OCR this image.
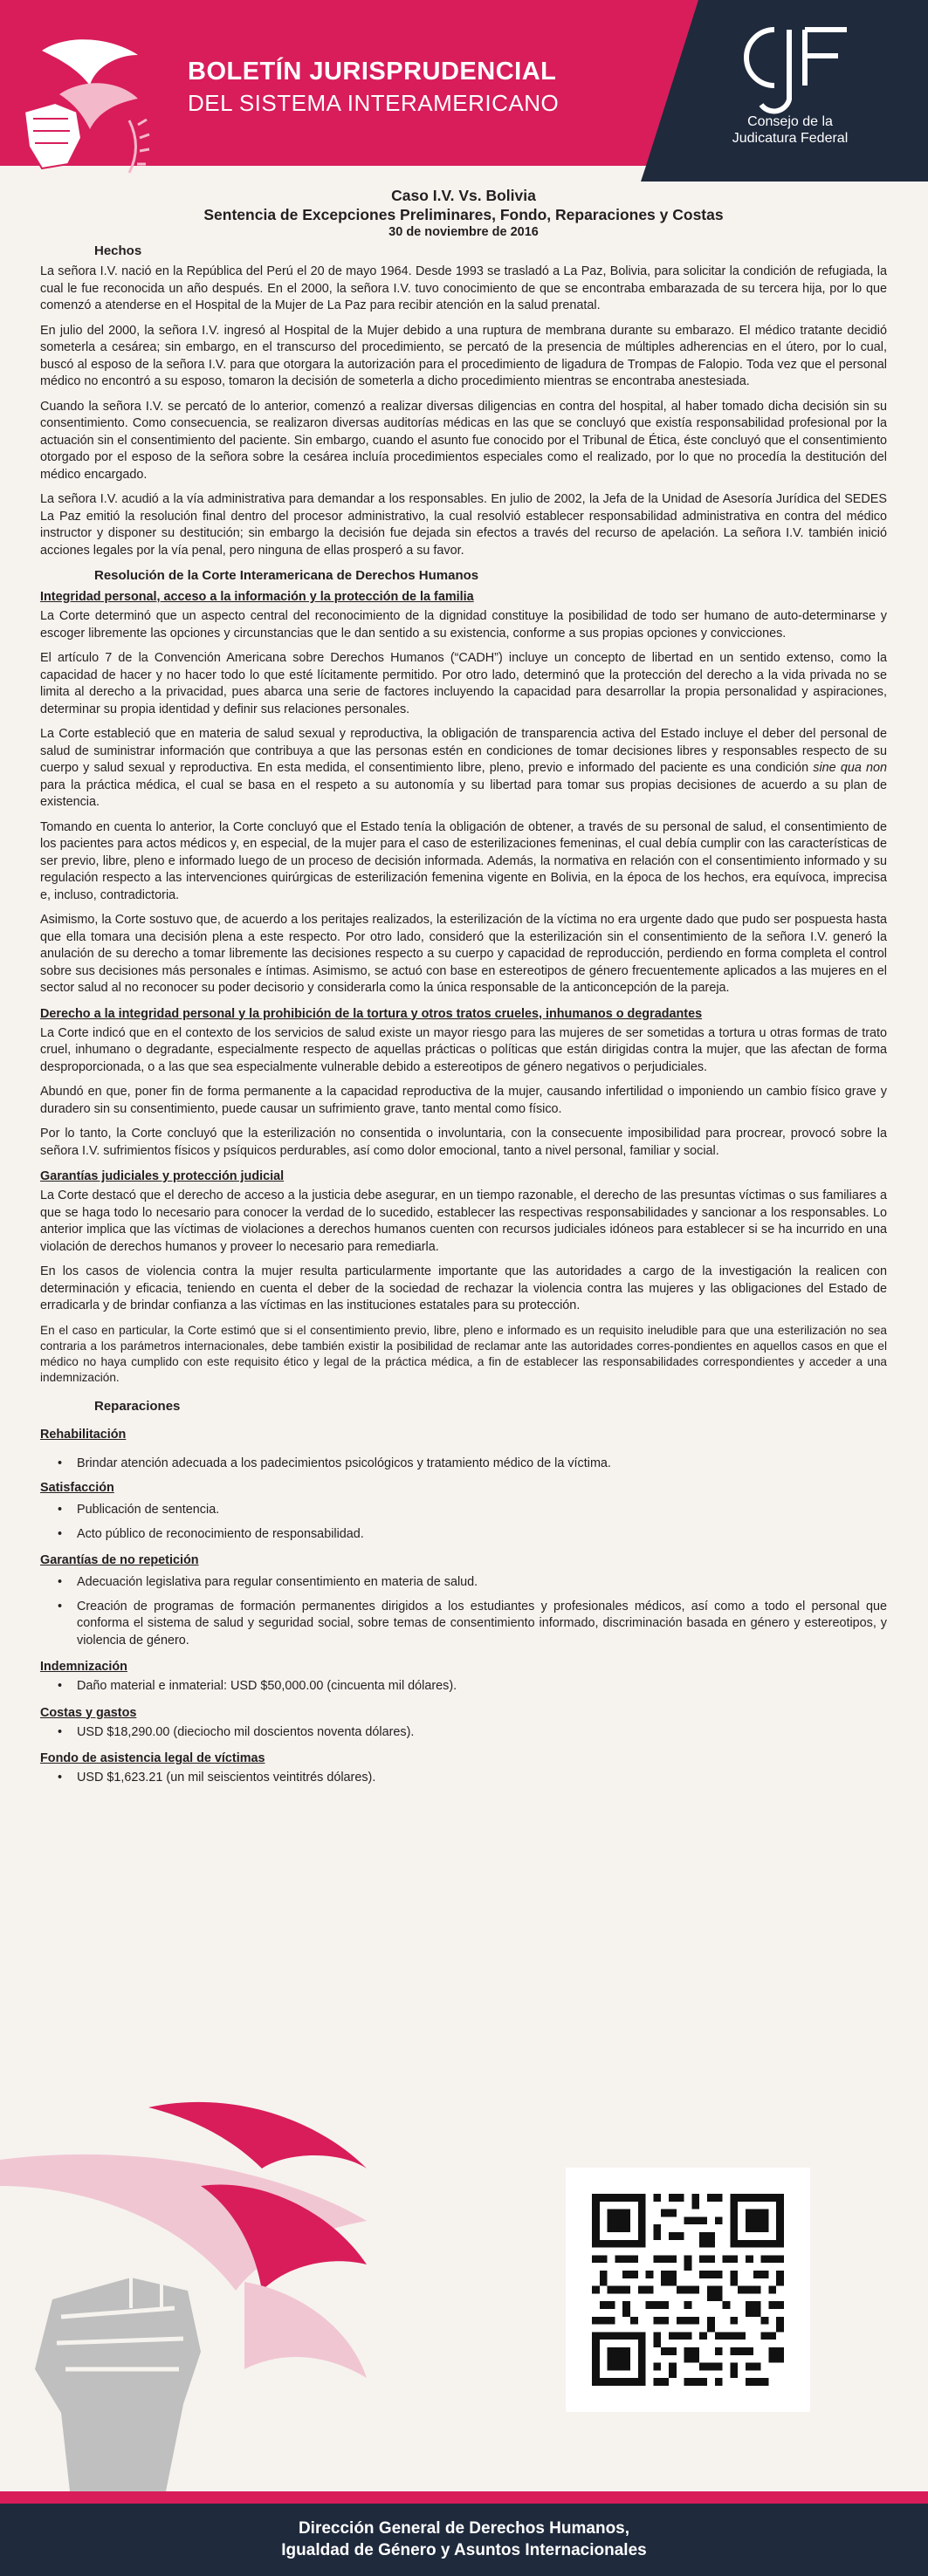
BOLETÍN JURISPRUDENCIAL
DEL SISTEMA INTERAMERICANO
Consejo de la
Judicatura Federal
Caso I.V. Vs. Bolivia
Sentencia de Excepciones Preliminares, Fondo, Reparaciones y Costas
30 de noviembre de 2016
Hechos

La señora I.V. nació en la República del Perú el 20 de mayo 1964. Desde 1993 se trasladó a La Paz, Bolivia, para solicitar la condición de refugiada, la cual le fue reconocida un año después. En el 2000, la señora I.V. tuvo conocimiento de que se encontraba embarazada de su tercera hija, por lo que comenzó a atenderse en el Hospital de la Mujer de La Paz para recibir atención en la salud prenatal.

En julio del 2000, la señora I.V. ingresó al Hospital de la Mujer debido a una ruptura de membrana durante su embarazo. El médico tratante decidió someterla a cesárea; sin embargo, en el transcurso del procedimiento, se percató de la presencia de múltiples adherencias en el útero, por lo cual, buscó al esposo de la señora I.V. para que otorgara la autorización para el procedimiento de ligadura de Trompas de Falopio. Toda vez que el personal médico no encontró a su esposo, tomaron la decisión de someterla a dicho procedimiento mientras se encontraba anestesiada.

Cuando la señora I.V. se percató de lo anterior, comenzó a realizar diversas diligencias en contra del hospital, al haber tomado dicha decisión sin su consentimiento. Como consecuencia, se realizaron diversas auditorías médicas en las que se concluyó que existía responsabilidad profesional por la actuación sin el consentimiento del paciente. Sin embargo, cuando el asunto fue conocido por el Tribunal de Ética, éste concluyó que el consentimiento otorgado por el esposo de la señora sobre la cesárea incluía procedimientos especiales como el realizado, por lo que no procedía la destitución del médico encargado.

La señora I.V. acudió a la vía administrativa para demandar a los responsables. En julio de 2002, la Jefa de la Unidad de Asesoría Jurídica del SEDES La Paz emitió la resolución final dentro del procesor administrativo, la cual resolvió establecer responsabilidad administrativa en contra del médico instructor y disponer su destitución; sin embargo la decisión fue dejada sin efectos a través del recurso de apelación. La señora I.V. también inició acciones legales por la vía penal, pero ninguna de ellas prosperó a su favor.

Resolución de la Corte Interamericana de Derechos Humanos
Integridad personal, acceso a la información y la protección de la familia

La Corte determinó que un aspecto central del reconocimiento de la dignidad constituye la posibilidad de todo ser humano de auto-determinarse y escoger libremente las opciones y circunstancias que le dan sentido a su existencia, conforme a sus propias opciones y convicciones.

El artículo 7 de la Convención Americana sobre Derechos Humanos (“CADH”) incluye un concepto de libertad en un sentido extenso, como la capacidad de hacer y no hacer todo lo que esté lícitamente permitido. Por otro lado, determinó que la protección del derecho a la vida privada no se limita al derecho a la privacidad, pues abarca una serie de factores incluyendo la capacidad para desarrollar la propia personalidad y aspiraciones, determinar su propia identidad y definir sus relaciones personales.

La Corte estableció que en materia de salud sexual y reproductiva, la obligación de transparencia activa del Estado incluye el deber del personal de salud de suministrar información que contribuya a que las personas estén en condiciones de tomar decisiones libres y responsables respecto de su cuerpo y salud sexual y reproductiva. En esta medida, el consentimiento libre, pleno, previo e informado del paciente es una condición sine qua non para la práctica médica, el cual se basa en el respeto a su autonomía y su libertad para tomar sus propias decisiones de acuerdo a su plan de existencia.

Tomando en cuenta lo anterior, la Corte concluyó que el Estado tenía la obligación de obtener, a través de su personal de salud, el consentimiento de los pacientes para actos médicos y, en especial, de la mujer para el caso de esterilizaciones femeninas, el cual debía cumplir con las características de ser previo, libre, pleno e informado luego de un proceso de decisión informada. Además, la normativa en relación con el consentimiento informado y su regulación respecto a las intervenciones quirúrgicas de esterilización femenina vigente en Bolivia, en la época de los hechos, era equívoca, imprecisa e, incluso, contradictoria.

Asimismo, la Corte sostuvo que, de acuerdo a los peritajes realizados, la esterilización de la víctima no era urgente dado que pudo ser pospuesta hasta que ella tomara una decisión plena a este respecto. Por otro lado, consideró que la esterilización sin el consentimiento de la señora I.V. generó la anulación de su derecho a tomar libremente las decisiones respecto a su cuerpo y capacidad de reproducción, perdiendo en forma completa el control sobre sus decisiones más personales e íntimas. Asimismo, se actuó con base en estereotipos de género frecuentemente aplicados a las mujeres en el sector salud al no reconocer su poder decisorio y considerarla como la única responsable de la anticoncepción de la pareja.

Derecho a la integridad personal y la prohibición de la tortura y otros tratos crueles, inhumanos o degradantes

La Corte indicó que en el contexto de los servicios de salud existe un mayor riesgo para las mujeres de ser sometidas a tortura u otras formas de trato cruel, inhumano o degradante, especialmente respecto de aquellas prácticas o políticas que están dirigidas contra la mujer, que las afectan de forma desproporcionada, o a las que sea especialmente vulnerable debido a estereotipos de género negativos o perjudiciales.

Abundó en que, poner fin de forma permanente a la capacidad reproductiva de la mujer, causando infertilidad o imponiendo un cambio físico grave y duradero sin su consentimiento, puede causar un sufrimiento grave, tanto mental como físico.

Por lo tanto, la Corte concluyó que la esterilización no consentida o involuntaria, con la consecuente imposibilidad para procrear, provocó sobre la señora I.V. sufrimientos físicos y psíquicos perdurables, así como dolor emocional, tanto a nivel personal, familiar y social.

Garantías judiciales y protección judicial

La Corte destacó que el derecho de acceso a la justicia debe asegurar, en un tiempo razonable, el derecho de las presuntas víctimas o sus familiares a que se haga todo lo necesario para conocer la verdad de lo sucedido, establecer las respectivas responsabilidades y sancionar a los responsables. Lo anterior implica que las víctimas de violaciones a derechos humanos cuenten con recursos judiciales idóneos para establecer si se ha incurrido en una violación de derechos humanos y proveer lo necesario para remediarla.

En los casos de violencia contra la mujer resulta particularmente importante que las autoridades a cargo de la investigación la realicen con determinación y eficacia, teniendo en cuenta el deber de la sociedad de rechazar la violencia contra las mujeres y las obligaciones del Estado de erradicarla y de brindar confianza a las víctimas en las instituciones estatales para su protección.

En el caso en particular, la Corte estimó que si el consentimiento previo, libre, pleno e informado es un requisito ineludible para que una esterilización no sea contraria a los parámetros internacionales, debe también existir la posibilidad de reclamar ante las autoridades corres-pondientes en aquellos casos en que el médico no haya cumplido con este requisito ético y legal de la práctica médica, a fin de establecer las responsabilidades correspondientes y acceder a una indemnización.

Reparaciones
Rehabilitación
• Brindar atención adecuada a los padecimientos psicológicos y tratamiento médico de la víctima.
Satisfacción
• Publicación de sentencia.
• Acto público de reconocimiento de responsabilidad.
Garantías de no repetición
• Adecuación legislativa para regular consentimiento en materia de salud.
• Creación de programas de formación permanentes dirigidos a los estudiantes y profesionales médicos, así como a todo el personal que conforma el sistema de salud y seguridad social, sobre temas de consentimiento informado, discriminación basada en género y estereotipos, y violencia de género.
Indemnización
• Daño material e inmaterial: USD $50,000.00 (cincuenta mil dólares).
Costas y gastos
• USD $18,290.00 (dieciocho mil doscientos noventa dólares).
Fondo de asistencia legal de víctimas
• USD $1,623.21 (un mil seiscientos veintitrés dólares).
Dirección General de Derechos Humanos,
Igualdad de Género y Asuntos Internacionales
